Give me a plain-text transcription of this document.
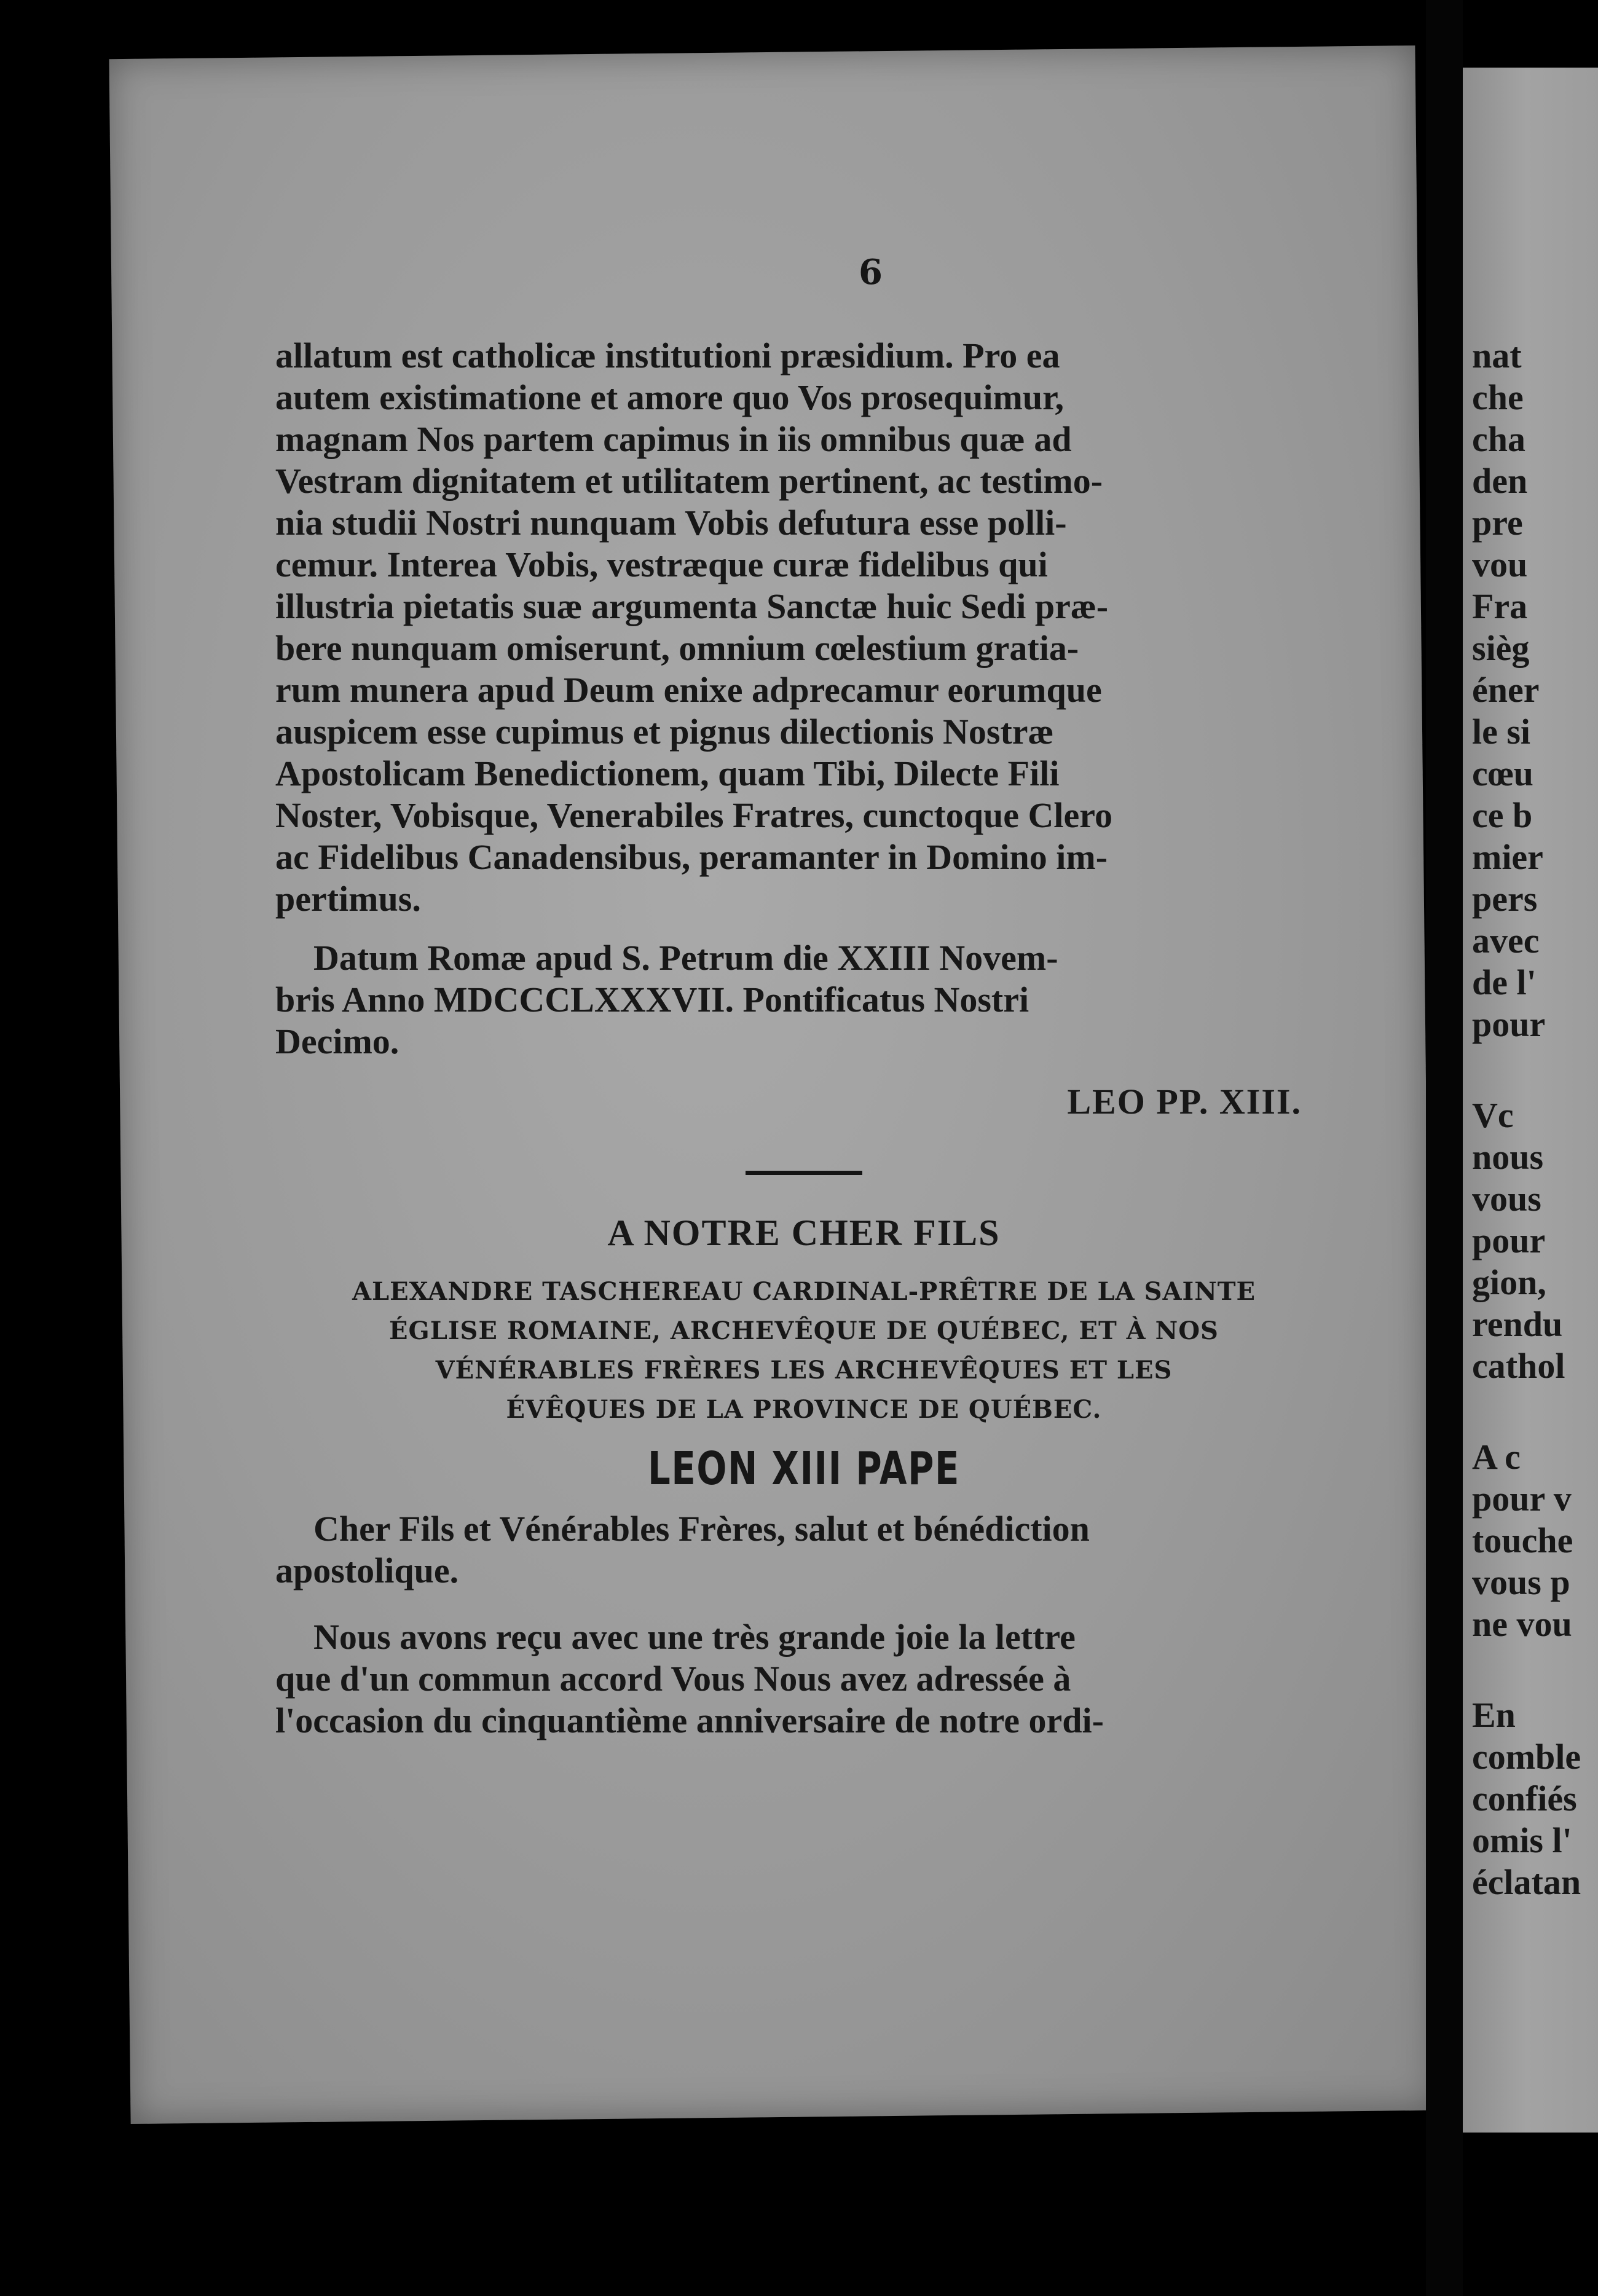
6
allatum est catholicæ institutioni præsidium. Pro ea
autem existimatione et amore quo Vos prosequimur,
magnam Nos partem capimus in iis omnibus quæ ad
Vestram dignitatem et utilitatem pertinent, ac testimo-
nia studii Nostri nunquam Vobis defutura esse polli-
cemur. Interea Vobis, vestræque curæ fidelibus qui
illustria pietatis suæ argumenta Sanctæ huic Sedi præ-
bere nunquam omiserunt, omnium cœlestium gratia-
rum munera apud Deum enixe adprecamur eorumque
auspicem esse cupimus et pignus dilectionis Nostræ
Apostolicam Benedictionem, quam Tibi, Dilecte Fili
Noster, Vobisque, Venerabiles Fratres, cunctoque Clero
ac Fidelibus Canadensibus, peramanter in Domino im-
pertimus.
Datum Romæ apud S. Petrum die XXIII Novem-
bris Anno MDCCCLXXXVII. Pontificatus Nostri
Decimo.
LEO PP. XIII.
A NOTRE CHER FILS
ALEXANDRE TASCHEREAU CARDINAL-PRÊTRE DE LA SAINTE
ÉGLISE ROMAINE, ARCHEVÊQUE DE QUÉBEC, ET À NOS
VÉNÉRABLES FRÈRES LES ARCHEVÊQUES ET LES
ÉVÊQUES DE LA PROVINCE DE QUÉBEC.
LEON XIII PAPE
Cher Fils et Vénérables Frères, salut et bénédiction
apostolique.
Nous avons reçu avec une très grande joie la lettre
que d'un commun accord Vous Nous avez adressée à
l'occasion du cinquantième anniversaire de notre ordi-
nat
che
cha
den
pre
vou
Fra
sièg
éner
le si
cœu
ce b
mier
pers
avec
de l'
pour
Vc
nous
vous
pour
gion,
rendu
cathol
A c
pour v
touche
vous p
ne vou
En
comble
confiés
omis l'
éclatan
